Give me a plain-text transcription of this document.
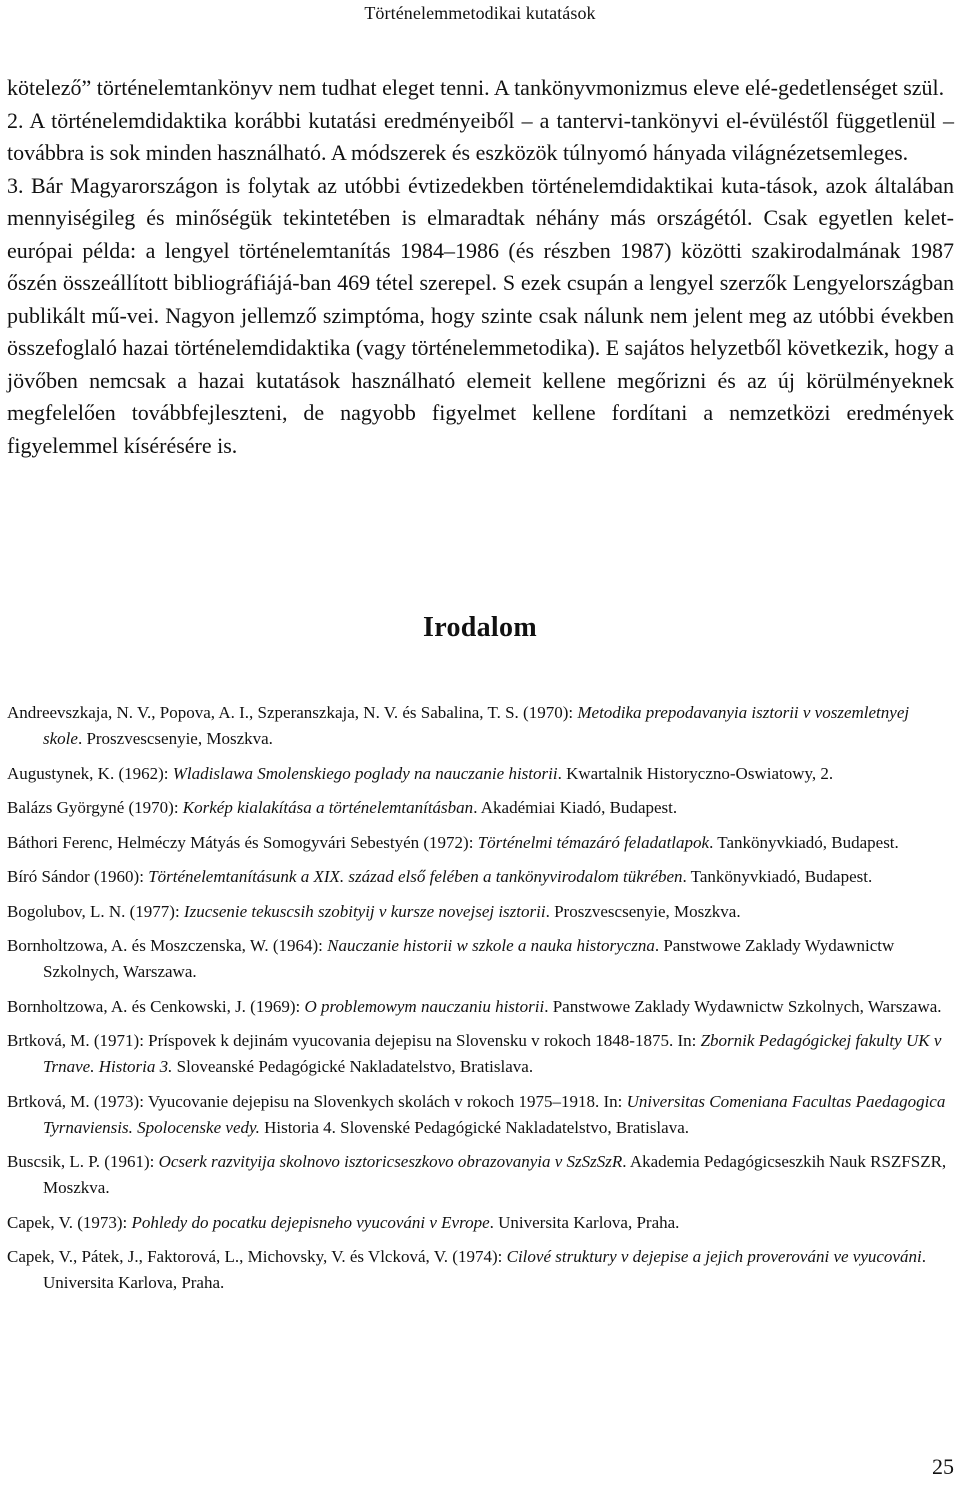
Történelemmetodikai kutatások

kötelező” történelemtankönyv nem tudhat eleget tenni. A tankönyvmonizmus eleve elé-gedetlenséget szül.

2. A történelemdidaktika korábbi kutatási eredményeiből – a tantervi-tankönyvi el-évüléstől függetlenül – továbbra is sok minden használható. A módszerek és eszközök túlnyomó hányada világnézetsemleges.

3. Bár Magyarországon is folytak az utóbbi évtizedekben történelemdidaktikai kuta-tások, azok általában mennyiségileg és minőségük tekintetében is elmaradtak néhány más országétól. Csak egyetlen kelet-európai példa: a lengyel történelemtanítás 1984–1986 (és részben 1987) közötti szakirodalmának 1987 őszén összeállított bibliográfiájá-ban 469 tétel szerepel. S ezek csupán a lengyel szerzők Lengyelországban publikált mű-vei. Nagyon jellemző szimptóma, hogy szinte csak nálunk nem jelent meg az utóbbi években összefoglaló hazai történelemdidaktika (vagy történelemmetodika). E sajátos helyzetből következik, hogy a jövőben nemcsak a hazai kutatások használható elemeit kellene megőrizni és az új körülményeknek megfelelően továbbfejleszteni, de nagyobb figyelmet kellene fordítani a nemzetközi eredmények figyelemmel kísérésére is.

Irodalom

Andreevszkaja, N. V., Popova, A. I., Szperanszkaja, N. V. és Sabalina, T. S. (1970): Metodika prepodavanyia isztorii v voszemletnyej skole. Proszvescsenyie, Moszkva.

Augustynek, K. (1962): Wladislawa Smolenskiego poglady na nauczanie historii. Kwartalnik Historyczno-Oswiatowy, 2.

Balázs Györgyné (1970): Korkép kialakítása a történelemtanításban. Akadémiai Kiadó, Budapest.

Báthori Ferenc, Helméczy Mátyás és Somogyvári Sebestyén (1972): Történelmi témazáró feladatlapok. Tankönyvkiadó, Budapest.

Bíró Sándor (1960): Történelemtanításunk a XIX. század első felében a tankönyvirodalom tükrében. Tankönyvkiadó, Budapest.

Bogolubov, L. N. (1977): Izucsenie tekuscsih szobityij v kursze novejsej isztorii. Proszvescsenyie, Moszkva.

Bornholtzowa, A. és Moszczenska, W. (1964): Nauczanie historii w szkole a nauka historyczna. Panstwowe Zaklady Wydawnictw Szkolnych, Warszawa.

Bornholtzowa, A. és Cenkowski, J. (1969): O problemowym nauczaniu historii. Panstwowe Zaklady Wydawnictw Szkolnych, Warszawa.

Brtková, M. (1971): Príspovek k dejinám vyucovania dejepisu na Slovensku v rokoch 1848-1875. In: Zbornik Pedagógickej fakulty UK v Trnave. Historia 3. Sloveanské Pedagógické Nakladatelstvo, Bratislava.

Brtková, M. (1973): Vyucovanie dejepisu na Slovenkych skolách v rokoch 1975–1918. In: Universitas Comeniana Facultas Paedagogica Tyrnaviensis. Spolocenske vedy. Historia 4. Slovenské Pedagógické Nakladatelstvo, Bratislava.

Buscsik, L. P. (1961): Ocserk razvityija skolnovo isztoricseszkovo obrazovanyia v SzSzSzR. Akademia Pedagógicseszkih Nauk RSZFSZR, Moszkva.

Capek, V. (1973): Pohledy do pocatku dejepisneho vyucováni v Evrope. Universita Karlova, Praha.

Capek, V., Pátek, J., Faktorová, L., Michovsky, V. és Vlcková, V. (1974): Cilové struktury v dejepise a jejich proverováni ve vyucováni. Universita Karlova, Praha.

25
